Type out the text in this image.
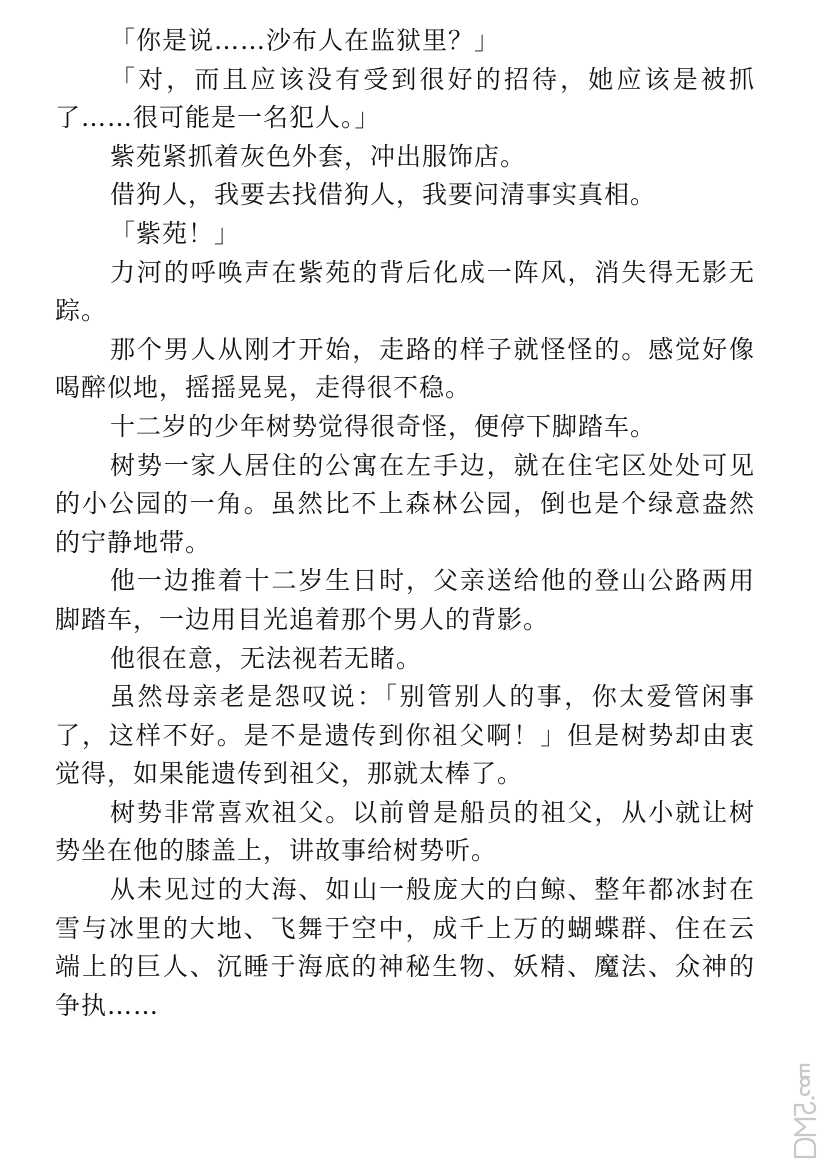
「你是说……沙布人在监狱里？」

「对，而且应该没有受到很好的招待，她应该是被抓了……很可能是一名犯人。」

紫苑紧抓着灰色外套，冲出服饰店。

借狗人，我要去找借狗人，我要问清事实真相。

「紫苑！」

力河的呼唤声在紫苑的背后化成一阵风，消失得无影无踪。

那个男人从刚才开始，走路的样子就怪怪的。感觉好像喝醉似地，摇摇晃晃，走得很不稳。

十二岁的少年树势觉得很奇怪，便停下脚踏车。

树势一家人居住的公寓在左手边，就在住宅区处处可见的小公园的一角。虽然比不上森林公园，倒也是个绿意盎然的宁静地带。

他一边推着十二岁生日时，父亲送给他的登山公路两用脚踏车，一边用目光追着那个男人的背影。

他很在意，无法视若无睹。

虽然母亲老是怨叹说：「别管别人的事，你太爱管闲事了，这样不好。是不是遗传到你祖父啊！」但是树势却由衷觉得，如果能遗传到祖父，那就太棒了。

树势非常喜欢祖父。以前曾是船员的祖父，从小就让树势坐在他的膝盖上，讲故事给树势听。

从未见过的大海、如山一般庞大的白鲸、整年都冰封在雪与冰里的大地、飞舞于空中，成千上万的蝴蝶群、住在云端上的巨人、沉睡于海底的神秘生物、妖精、魔法、众神的争执……
